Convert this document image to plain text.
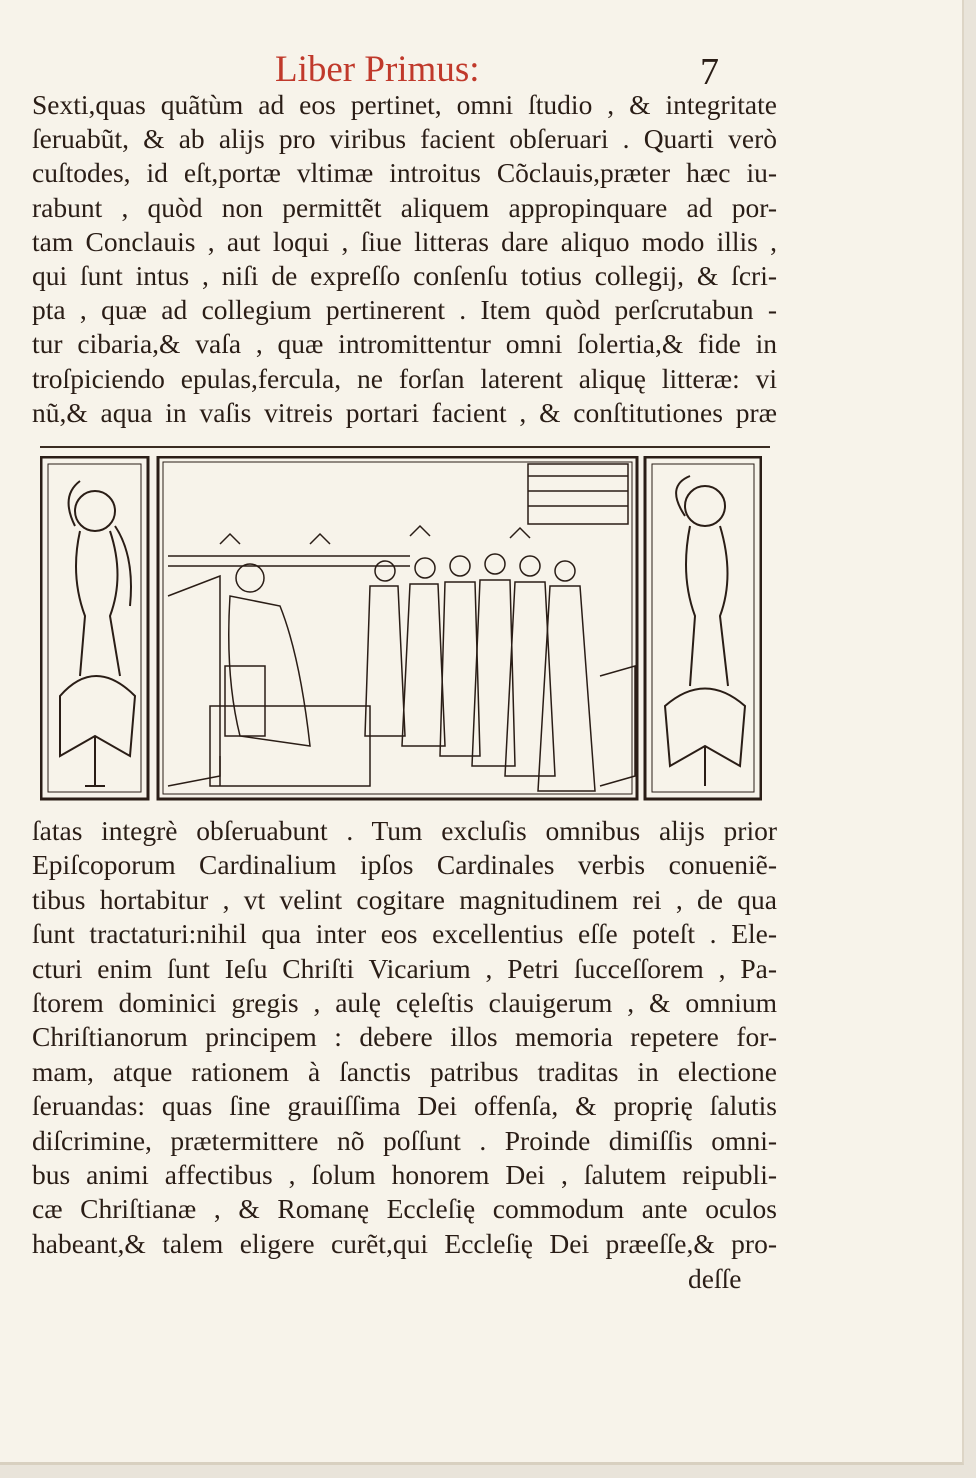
Liber Primus:	7
Sexti,quas quãtùm ad eos pertinet, omni ſtudio , & integritate
ſeruabũt, & ab alijs pro viribus facient obſeruari . Quarti verò
cuſtodes, id eſt,portæ vltimæ introitus Cõclauis,præter hæc iu-
rabunt , quòd non permittẽt aliquem appropinquare ad por-
tam Conclauis , aut loqui , ſiue litteras dare aliquo modo illis ,
qui ſunt intus , niſi de expreſſo conſenſu totius collegij, & ſcri-
pta , quæ ad collegium pertinerent . Item quòd perſcrutabun -
tur cibaria,& vaſa , quæ intromittentur omni ſolertia,& fide in
troſpiciendo epulas,fercula, ne forſan laterent aliquę litteræ: vi
nũ,& aqua in vaſis vitreis portari facient , & conſtitutiones præ
ſatas integrè obſeruabunt . Tum excluſis omnibus alijs prior
Epiſcoporum Cardinalium ipſos Cardinales verbis conueniẽ-
tibus hortabitur , vt velint cogitare magnitudinem rei , de qua
ſunt tractaturi:nihil qua inter eos excellentius eſſe poteſt . Ele-
cturi enim ſunt Ieſu Chriſti Vicarium , Petri ſucceſſorem , Pa-
ſtorem dominici gregis , aulę cęleſtis clauigerum , & omnium
Chriſtianorum principem : debere illos memoria repetere for-
mam, atque rationem à ſanctis patribus traditas in electione
ſeruandas: quas ſine grauiſſima Dei offenſa, & proprię ſalutis
diſcrimine, prætermittere nõ poſſunt . Proinde dimiſſis omni-
bus animi affectibus , ſolum honorem Dei , ſalutem reipubli-
cæ Chriſtianæ , & Romanę Eccleſię commodum ante oculos
habeant,& talem eligere curẽt,qui Eccleſię Dei præeſſe,& pro-
deſſe
